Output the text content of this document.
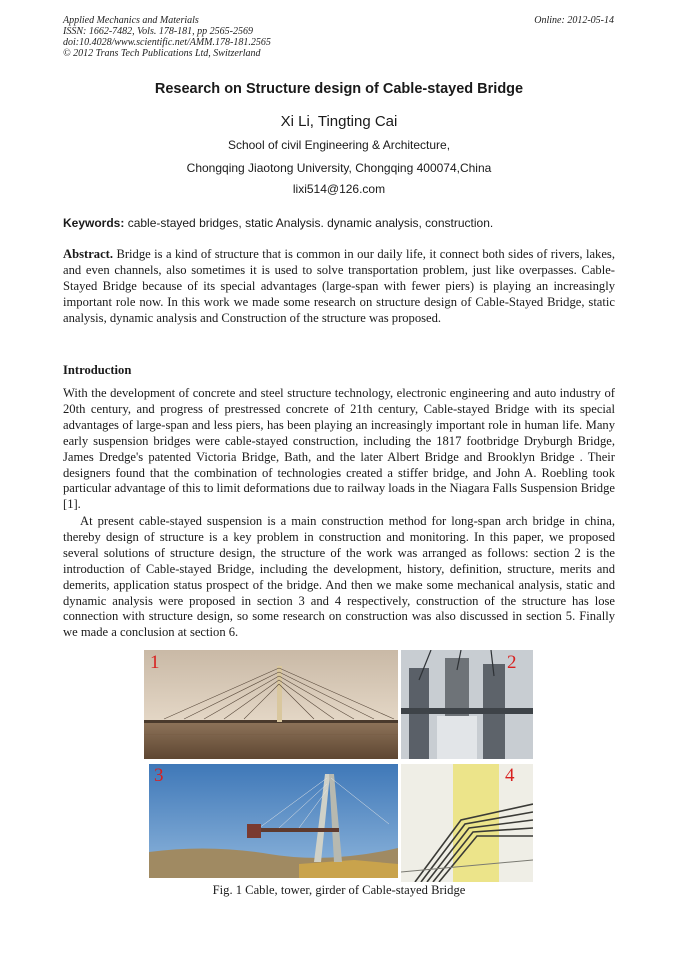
Applied Mechanics and Materials
ISSN: 1662-7482, Vols. 178-181, pp 2565-2569
doi:10.4028/www.scientific.net/AMM.178-181.2565
© 2012 Trans Tech Publications Ltd, Switzerland
Online: 2012-05-14
Research on Structure design of Cable-stayed Bridge
Xi Li, Tingting Cai
School of civil Engineering & Architecture,
Chongqing Jiaotong University, Chongqing 400074,China
lixi514@126.com
Keywords: cable-stayed bridges, static Analysis. dynamic analysis, construction.
Abstract. Bridge is a kind of structure that is common in our daily life, it connect both sides of rivers, lakes, and even channels, also sometimes it is used to solve transportation problem, just like overpasses. Cable-Stayed Bridge because of its special advantages (large-span with fewer piers) is playing an increasingly important role now. In this work we made some research on structure design of Cable-Stayed Bridge, static analysis, dynamic analysis and Construction of the structure was proposed.
Introduction
With the development of concrete and steel structure technology, electronic engineering and auto industry of 20th century, and progress of prestressed concrete of 21th century, Cable-stayed Bridge with its special advantages of large-span and less piers, has been playing an increasingly important role in human life. Many early suspension bridges were cable-stayed construction, including the 1817 footbridge Dryburgh Bridge, James Dredge's patented Victoria Bridge, Bath, and the later Albert Bridge and Brooklyn Bridge . Their designers found that the combination of technologies created a stiffer bridge, and John A. Roebling took particular advantage of this to limit deformations due to railway loads in the Niagara Falls Suspension Bridge [1].
At present cable-stayed suspension is a main construction method for long-span arch bridge in china, thereby design of structure is a key problem in construction and monitoring. In this paper, we proposed several solutions of structure design, the structure of the work was arranged as follows: section 2 is the introduction of Cable-stayed Bridge, including the development, history, definition, structure, merits and demerits, application status prospect of the bridge. And then we make some mechanical analysis, static and dynamic analysis were proposed in section 3 and 4 respectively, construction of the structure has lose connection with structure design, so some research on construction was also discussed in section 5. Finally we made a conclusion at section 6.
1	2
3	4
Fig. 1 Cable, tower, girder of Cable-stayed Bridge
